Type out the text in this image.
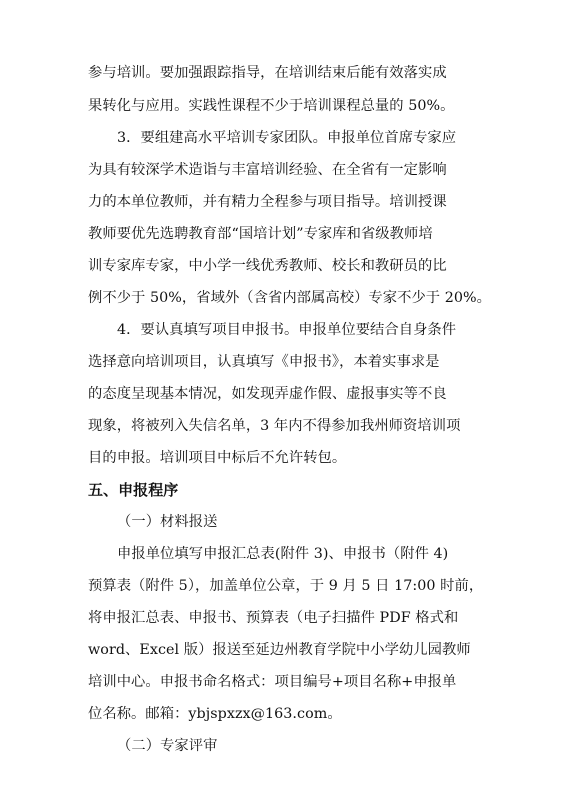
参与培训。要加强跟踪指导，在培训结束后能有效落实成
果转化与应用。实践性课程不少于培训课程总量的 50%。
3．要组建高水平培训专家团队。申报单位首席专家应
为具有较深学术造诣与丰富培训经验、在全省有一定影响
力的本单位教师，并有精力全程参与项目指导。培训授课
教师要优先选聘教育部“国培计划”专家库和省级教师培
训专家库专家，中小学一线优秀教师、校长和教研员的比
例不少于 50%，省域外（含省内部属高校）专家不少于 20%。
4．要认真填写项目申报书。申报单位要结合自身条件
选择意向培训项目，认真填写《申报书》，本着实事求是
的态度呈现基本情况，如发现弄虚作假、虚报事实等不良
现象，将被列入失信名单，3 年内不得参加我州师资培训项
目的申报。培训项目中标后不允许转包。
五、申报程序
（一）材料报送
申报单位填写申报汇总表(附件 3)、申报书（附件 4)
预算表（附件 5），加盖单位公章，于 9 月 5 日 17:00 时前，
将申报汇总表、申报书、预算表（电子扫描件 PDF 格式和
word、Excel 版）报送至延边州教育学院中小学幼儿园教师
培训中心。申报书命名格式：项目编号+项目名称+申报单
位名称。邮箱：ybjspxzx@163.com。
（二）专家评审
